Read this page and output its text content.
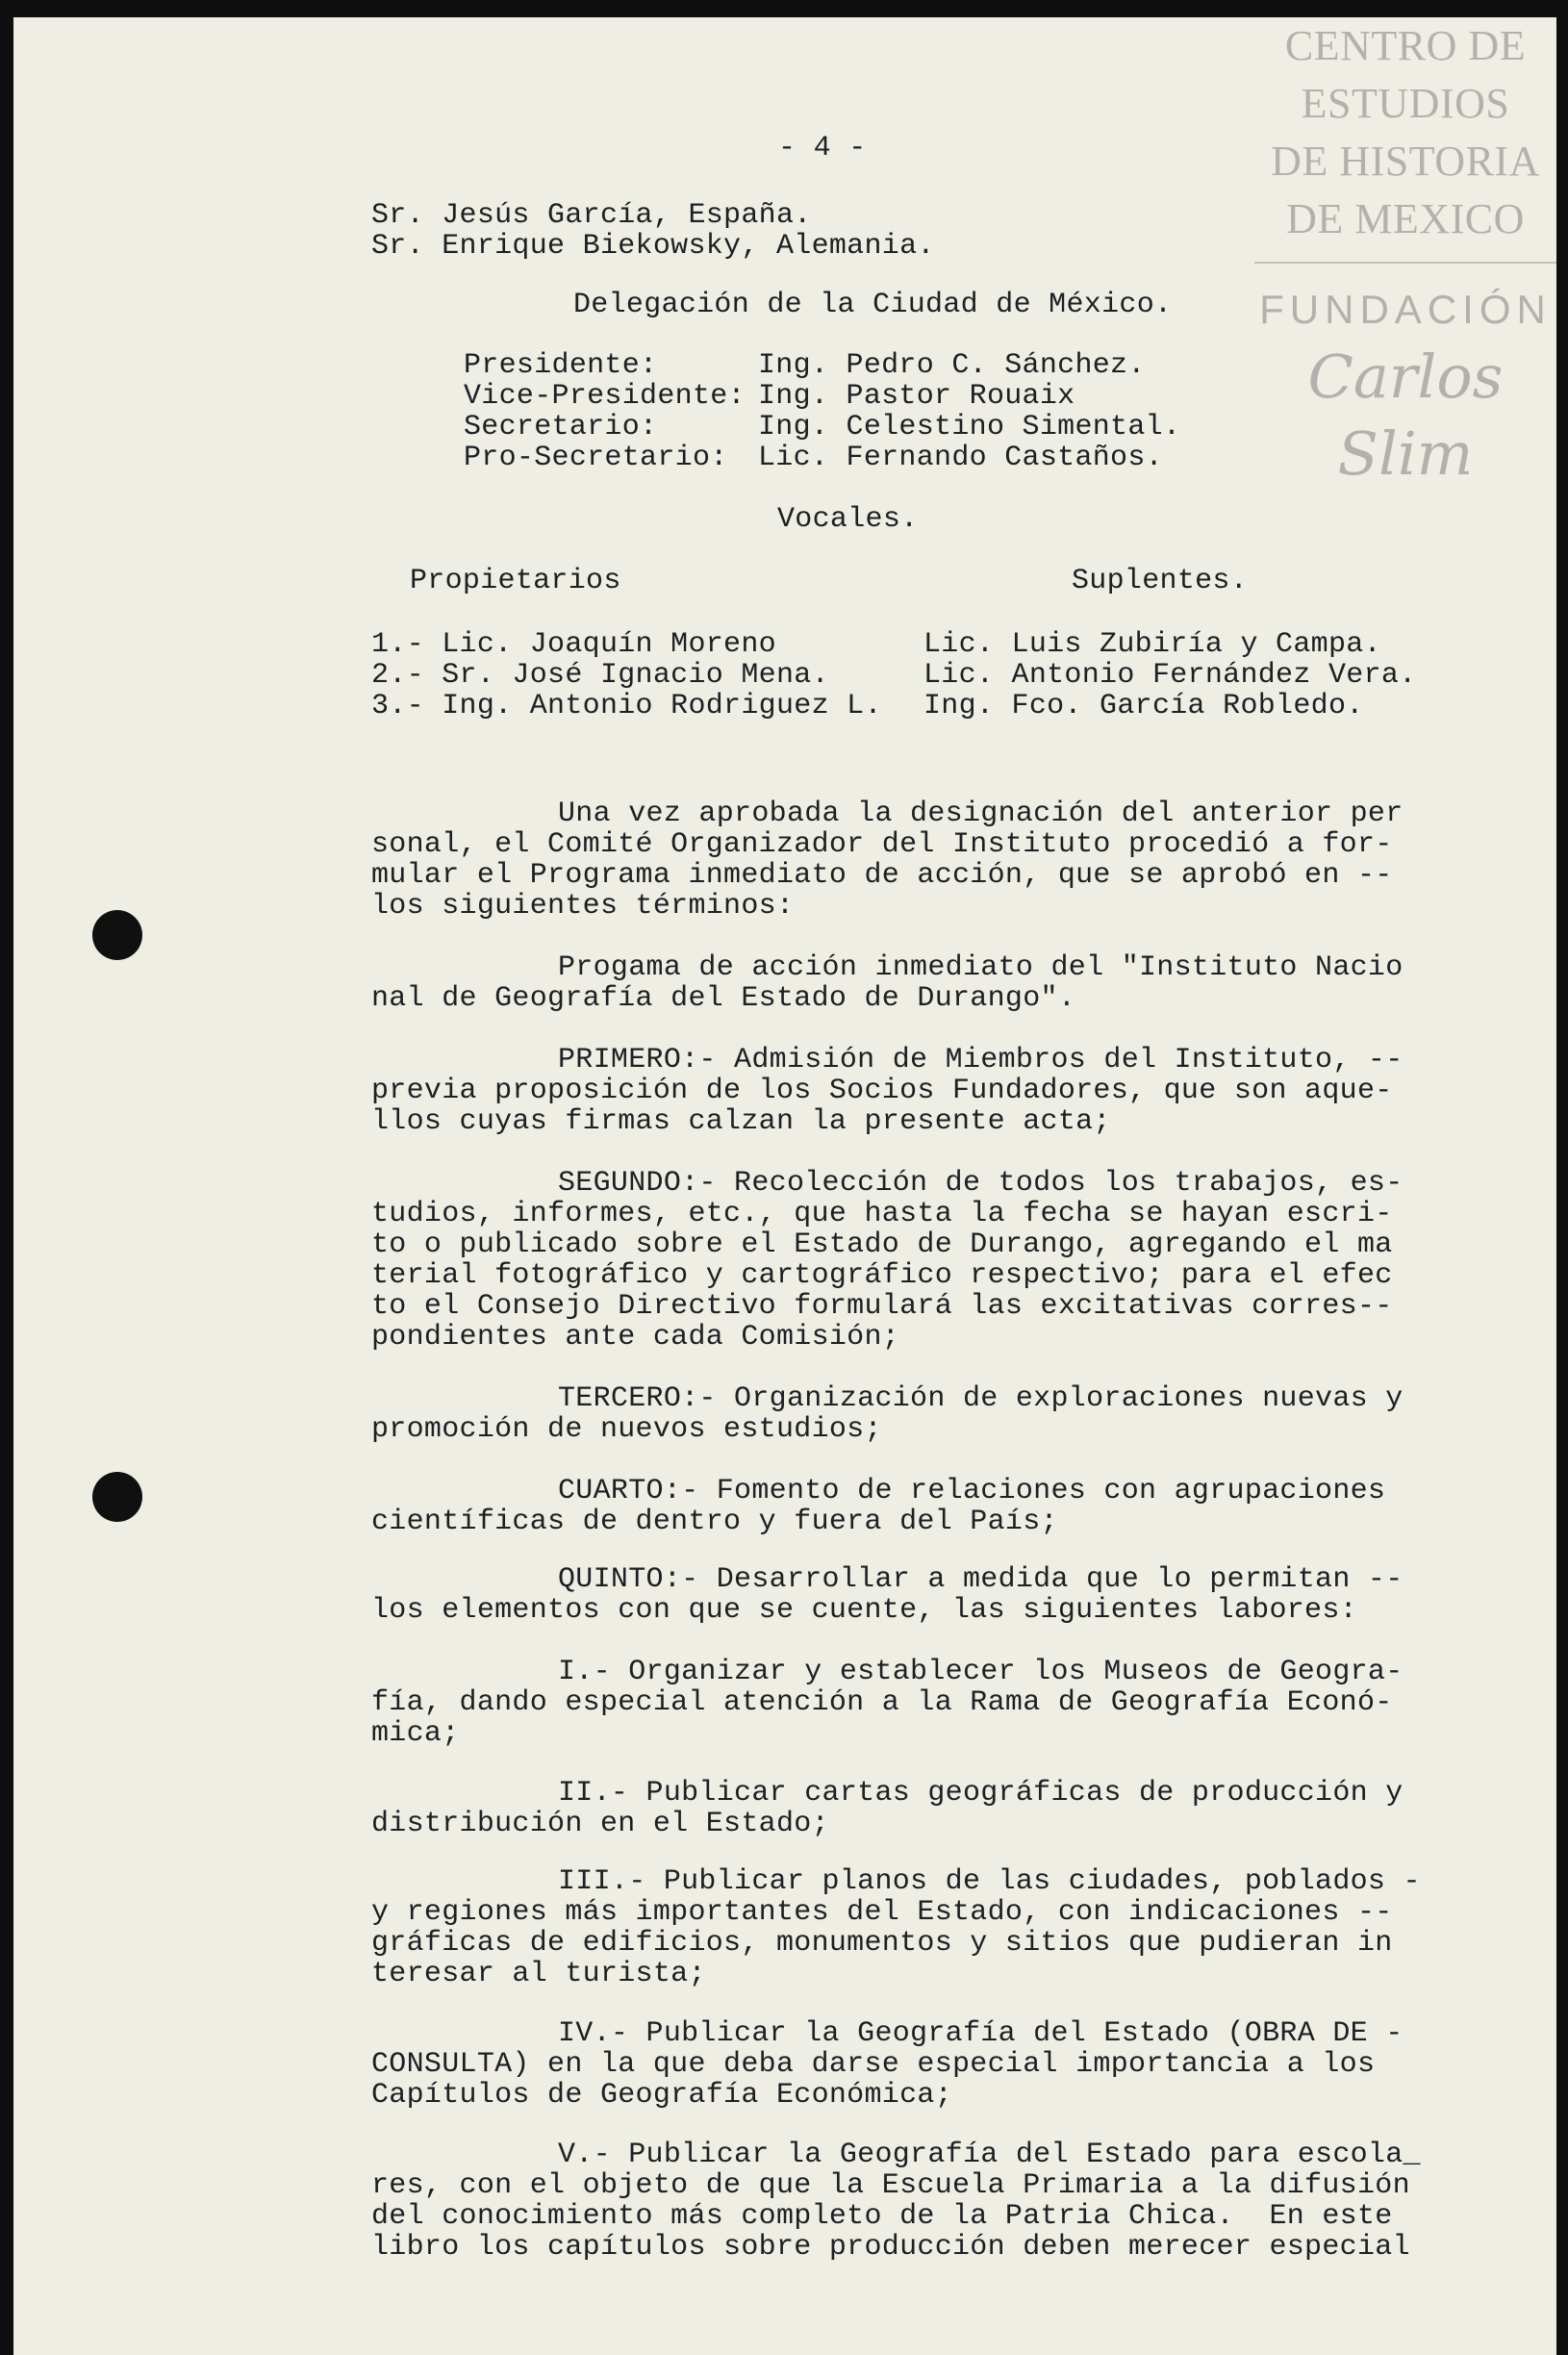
CENTRO DE
ESTUDIOS
DE HISTORIA
DE MEXICO
FUNDACIÓN
Carlos Slim
- 4 -
Sr. Jesús García, España.
Sr. Enrique Biekowsky, Alemania.
Delegación de la Ciudad de México.
Presidente:	Ing. Pedro C. Sánchez.
Vice-Presidente: Ing. Pastor Rouaix
Secretario:	Ing. Celestino Simental.
Pro-Secretario: Lic. Fernando Castaños.
Vocales.
Propietarios	Suplentes.
1.- Lic. Joaquín Moreno	Lic. Luis Zubiría y Campa.
2.- Sr. José Ignacio Mena.	Lic. Antonio Fernández Vera.
3.- Ing. Antonio Rodriguez L. Ing. Fco. García Robledo.
Una vez aprobada la designación del anterior per
sonal, el Comité Organizador del Instituto procedió a for-
mular el Programa inmediato de acción, que se aprobó en --
los siguientes términos:
Progama de acción inmediato del "Instituto Nacio
nal de Geografía del Estado de Durango".
PRIMERO:- Admisión de Miembros del Instituto, --
previa proposición de los Socios Fundadores, que son aque-
llos cuyas firmas calzan la presente acta;
SEGUNDO:- Recolección de todos los trabajos, es-
tudios, informes, etc., que hasta la fecha se hayan escri-
to o publicado sobre el Estado de Durango, agregando el ma
terial fotográfico y cartográfico respectivo; para el efec
to el Consejo Directivo formulará las excitativas corres--
pondientes ante cada Comisión;
TERCERO:- Organización de exploraciones nuevas y
promoción de nuevos estudios;
CUARTO:- Fomento de relaciones con agrupaciones
científicas de dentro y fuera del País;
QUINTO:- Desarrollar a medida que lo permitan --
los elementos con que se cuente, las siguientes labores:
I.- Organizar y establecer los Museos de Geogra-
fía, dando especial atención a la Rama de Geografía Econó-
mica;
II.- Publicar cartas geográficas de producción y
distribución en el Estado;
III.- Publicar planos de las ciudades, poblados -
y regiones más importantes del Estado, con indicaciones --
gráficas de edificios, monumentos y sitios que pudieran in
teresar al turista;
IV.- Publicar la Geografía del Estado (OBRA DE -
CONSULTA) en la que deba darse especial importancia a los
Capítulos de Geografía Económica;
V.- Publicar la Geografía del Estado para escola_
res, con el objeto de que la Escuela Primaria a la difusión
del conocimiento más completo de la Patria Chica.  En este
libro los capítulos sobre producción deben merecer especial
